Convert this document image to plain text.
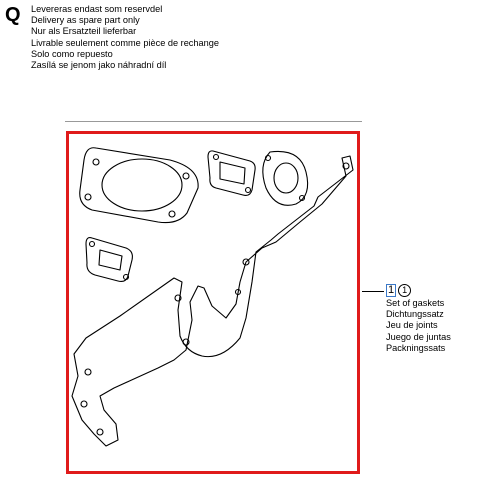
Q Levereras endast som reservdel
Delivery as spare part only
Nur als Ersatzteil lieferbar
Livrable seulement comme pièce de rechange
Solo como repuesto
Zasílá se jenom jako náhradní díl
1 1
Set of gaskets
Dichtungssatz
Jeu de joints
Juego de juntas
Packningssats
